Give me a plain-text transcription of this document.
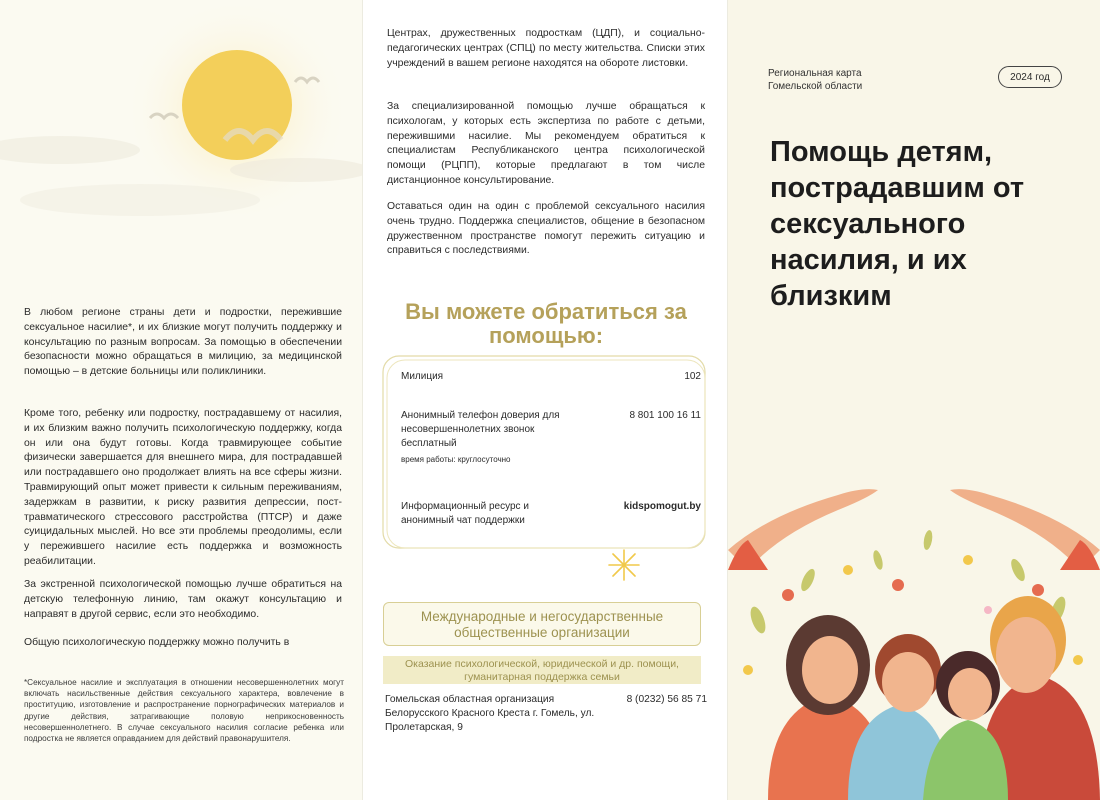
В любом регионе страны дети и подростки, пережившие сексуальное насилие*, и их близкие могут получить поддержку и консультацию по разным вопросам. За помощью в обеспечении безопасности можно обращаться в милицию, за медицинской помощью – в детские больницы или поликлиники.

Кроме того, ребенку или подростку, пострадавшему от насилия, и их близким важно получить психологическую поддержку, когда он или она будут готовы. Когда травмирующее событие физически завершается для внешнего мира, для пострадавшей или пострадавшего оно продолжает влиять на все сферы жизни. Травмирующий опыт может привести к сильным переживаниям, задержкам в развитии, к риску развития депрессии, пост-травматического стрессового расстройства (ПТСР) и даже суицидальных мыслей. Но все эти проблемы преодолимы, если у пережившего насилие есть поддержка и возможность реабилитации.

За экстренной психологической помощью лучше обратиться на детскую телефонную линию, там окажут консультацию и направят в другой сервис, если это необходимо.

Общую психологическую поддержку можно получить в

*Сексуальное насилие и эксплуатация в отношении несовершеннолетних могут включать насильственные действия сексуального характера, вовлечение в проституцию, изготовление и распространение порнографических материалов и другие действия, затрагивающие половую неприкосновенность несовершеннолетнего. В случае сексуального насилия согласие ребенка или подростка не является оправданием для действий правонарушителя.

Центрах, дружественных подросткам (ЦДП), и социально-педагогических центрах (СПЦ) по месту жительства. Списки этих учреждений в вашем регионе находятся на обороте листовки.

За специализированной помощью лучше обращаться к психологам, у которых есть экспертиза по работе с детьми, пережившими насилие. Мы рекомендуем обратиться к специалистам Республиканского центра психологической помощи (РЦПП), которые предлагают в том числе дистанционное консультирование.

Оставаться один на один с проблемой сексуального насилия очень трудно. Поддержка специалистов, общение в безопасном дружественном пространстве помогут пережить ситуацию и справиться с последствиями.

Вы можете обратиться за помощью:
Милиция	102
Анонимный телефон доверия для несовершеннолетних звонок бесплатный
8 801 100 16 11
время работы: круглосуточно
Информационный ресурс и анонимный чат поддержки
kidspomogut.by
Международные и негосударственные общественные организации
Оказание психологической, юридической и др. помощи, гуманитарная поддержка семьи
Гомельская областная организация Белорусского Красного Креста г. Гомель, ул. Пролетарская, 9
8 (0232) 56 85 71
Региональная карта Гомельской области
2024 год
Помощь детям, пострадавшим от сексуального насилия, и их близким
